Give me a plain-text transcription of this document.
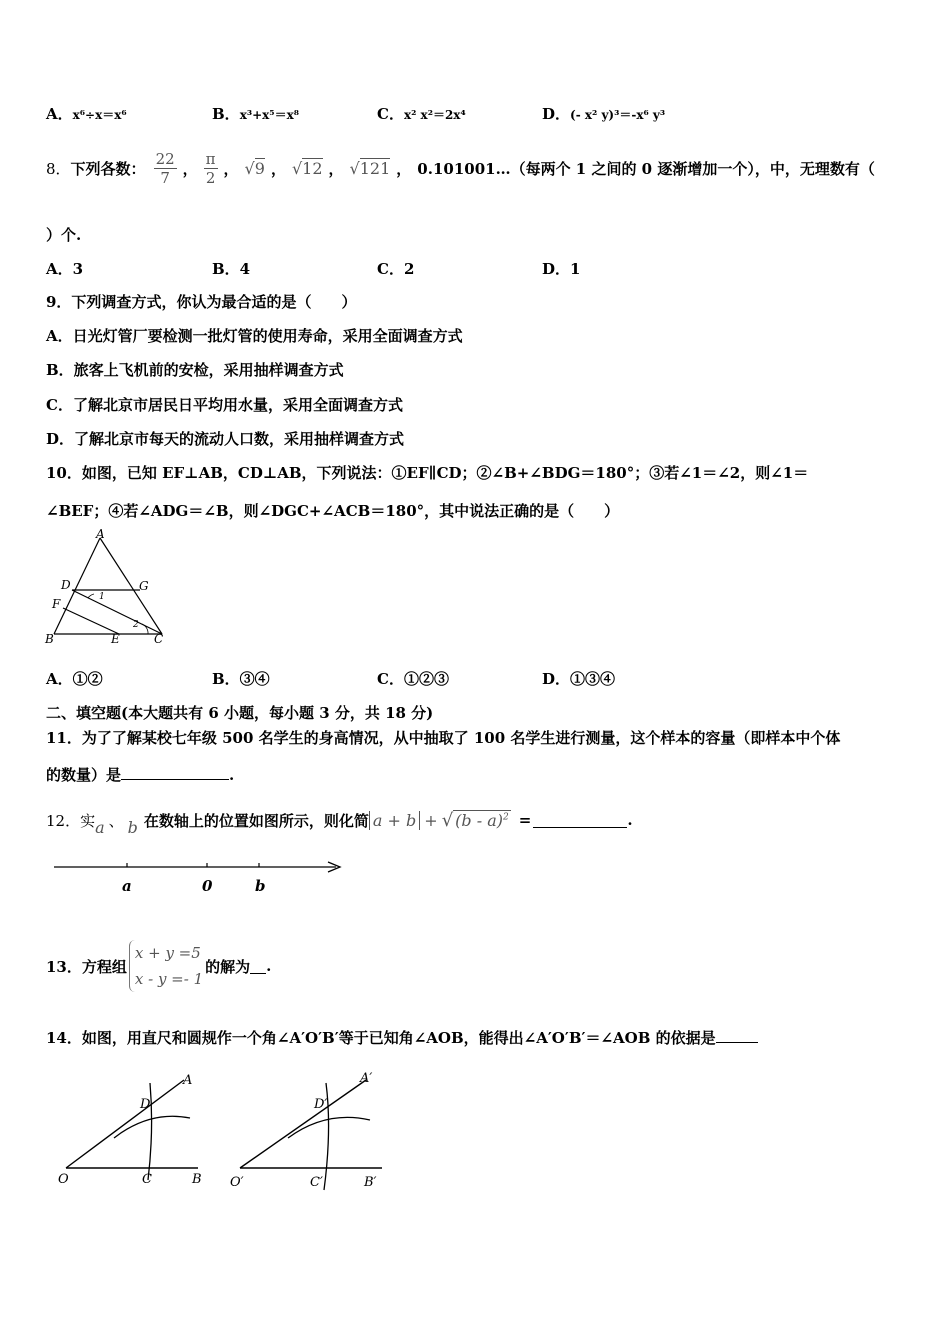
A．x⁶÷x＝x⁶	B．x³+x⁵＝x⁸	C．x² x²＝2x⁴	D．(- x² y)³＝-x⁶ y³
8． 下列各数： $\frac{22}{7}$ ， $\frac{\pi}{2}$ ， √9 ， √12 ， √121 ， 0.101001…（每两个 1 之间的 0 逐渐增加一个），中，无理数有（
）个.
A．3	B．4	C．2	D．1
9．下列调查方式，你认为最合适的是（　　）
A．日光灯管厂要检测一批灯管的使用寿命，采用全面调查方式
B．旅客上飞机前的安检，采用抽样调查方式
C．了解北京市居民日平均用水量，采用全面调查方式
D．了解北京市每天的流动人口数，采用抽样调查方式
10．如图，已知 EF⊥AB，CD⊥AB，下列说法：①EF∥CD；②∠B+∠BDG＝180°；③若∠1＝∠2，则∠1＝
∠BEF；④若∠ADG＝∠B，则∠DGC+∠ACB＝180°，其中说法正确的是（　　）
A
D	G
F
B	E	C
1
2
A．①②	B．③④	C．①②③	D．①③④
二、填空题(本大题共有 6 小题，每小题 3 分，共 18 分)
11．为了了解某校七年级 500 名学生的身高情况，从中抽取了 100 名学生进行测量，这个样本的容量（即样本中个体
的数量）是	.
12．实 a 、 b 在数轴上的位置如图所示，则化简 a + b + √ (b - a)$^2$ =	.
a	0	b
13．方程组
x + y =5
x - y =- 1
的解为 .
14．如图，用直尺和圆规作一个角∠A′O′B′等于已知角∠AOB，能得出∠A′O′B′＝∠AOB 的依据是
A
D
O	C	B
A′
D′
O′	C′	B′
